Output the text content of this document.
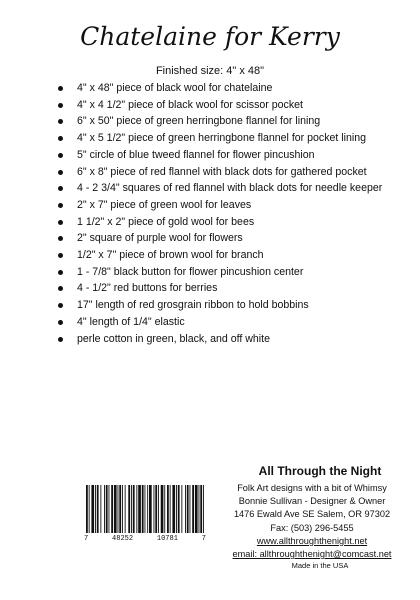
Chatelaine for Kerry
Finished size: 4" x 48"
4" x 48" piece of black wool for chatelaine
4" x 4 1/2" piece of black wool for scissor pocket
6" x 50" piece of green herringbone flannel for lining
4" x 5 1/2" piece of green herringbone flannel for pocket lining
5" circle of blue tweed flannel for flower pincushion
6" x 8" piece of red flannel with black dots for gathered pocket
4 - 2 3/4" squares of red flannel with black dots for needle keeper
2" x 7" piece of green wool for leaves
1 1/2" x 2" piece of gold wool for bees
2" square of purple wool for flowers
1/2" x 7" piece of brown wool for branch
1 - 7/8" black button for flower pincushion center
4 - 1/2" red buttons for berries
17" length of red grosgrain ribbon to hold bobbins
4" length of 1/4" elastic
perle cotton in green, black, and off white
7	48252	10781	7
All Through the Night
Folk Art designs with a bit of Whimsy
Bonnie Sullivan - Designer & Owner
1476 Ewald Ave SE Salem, OR 97302
Fax: (503) 296-5455
www.allthroughthenight.net
email: allthroughthenight@comcast.net
Made in the USA
